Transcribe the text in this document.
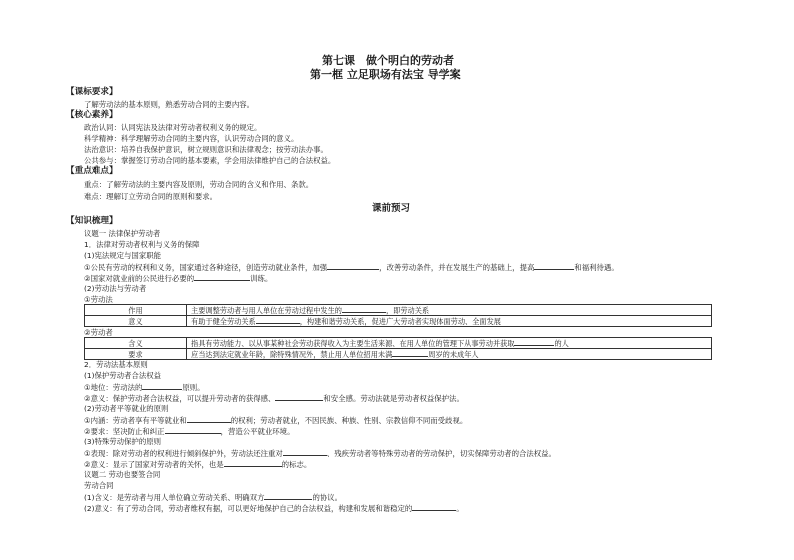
第七课　做个明白的劳动者
第一框 立足职场有法宝 导学案
【课标要求】
了解劳动法的基本原则，熟悉劳动合同的主要内容。
【核心素养】
政治认同：认同宪法及法律对劳动者权利义务的规定。
科学精神：科学理解劳动合同的主要内容，认识劳动合同的意义。
法治意识：培养自我保护意识，树立规则意识和法律观念；按劳动法办事。
公共参与：掌握签订劳动合同的基本要素，学会用法律维护自己的合法权益。
【重点难点】
重点：了解劳动法的主要内容及原则，劳动合同的含义和作用、条款。
难点：理解订立劳动合同的原则和要求。
课前预习
【知识梳理】
议题一 法律保护劳动者
1．法律对劳动者权利与义务的保障
(1)宪法规定与国家职能
①公民有劳动的权利和义务，国家通过各种途径，创造劳动就业条件，加强	，改善劳动条件，并在发展生产的基础上，提高	和福利待遇。
②国家对就业前的公民进行必要的	训练。
(2)劳动法与劳动者
①劳动法
作用	主要调整劳动者与用人单位在劳动过程中发生的 ，即劳动关系
意义	有助于健全劳动关系 ，构建和谐劳动关系，促进广大劳动者实现体面劳动、全面发展
②劳动者
含义	指具有劳动能力、以从事某种社会劳动获得收入为主要生活来源、在用人单位的管理下从事劳动并获取 的人
要求	应当达到法定就业年龄，除特殊情况外，禁止用人单位招用未满 周岁的未成年人
2．劳动法基本原则
(1)保护劳动者合法权益
①地位：劳动法的	原则。
②意义：保护劳动者合法权益，可以提升劳动者的获得感、	和安全感。劳动法就是劳动者权益保护法。
(2)劳动者平等就业的原则
①内涵：劳动者享有平等就业和	的权利；劳动者就业，不因民族、种族、性别、宗教信仰不同而受歧视。
②要求：坚决防止和纠正	，营造公平就业环境。
(3)特殊劳动保护的原则
①表现：除对劳动者的权利进行倾斜保护外，劳动法还注重对	、残疾劳动者等特殊劳动者的劳动保护，切实保障劳动者的合法权益。
②意义：显示了国家对劳动者的关怀，也是	的标志。
议题二 劳动也要签合同
劳动合同
(1)含义：是劳动者与用人单位确立劳动关系、明确双方	的协议。
(2)意义：有了劳动合同，劳动者维权有据，可以更好地保护自己的合法权益，构建和发展和谐稳定的	。
